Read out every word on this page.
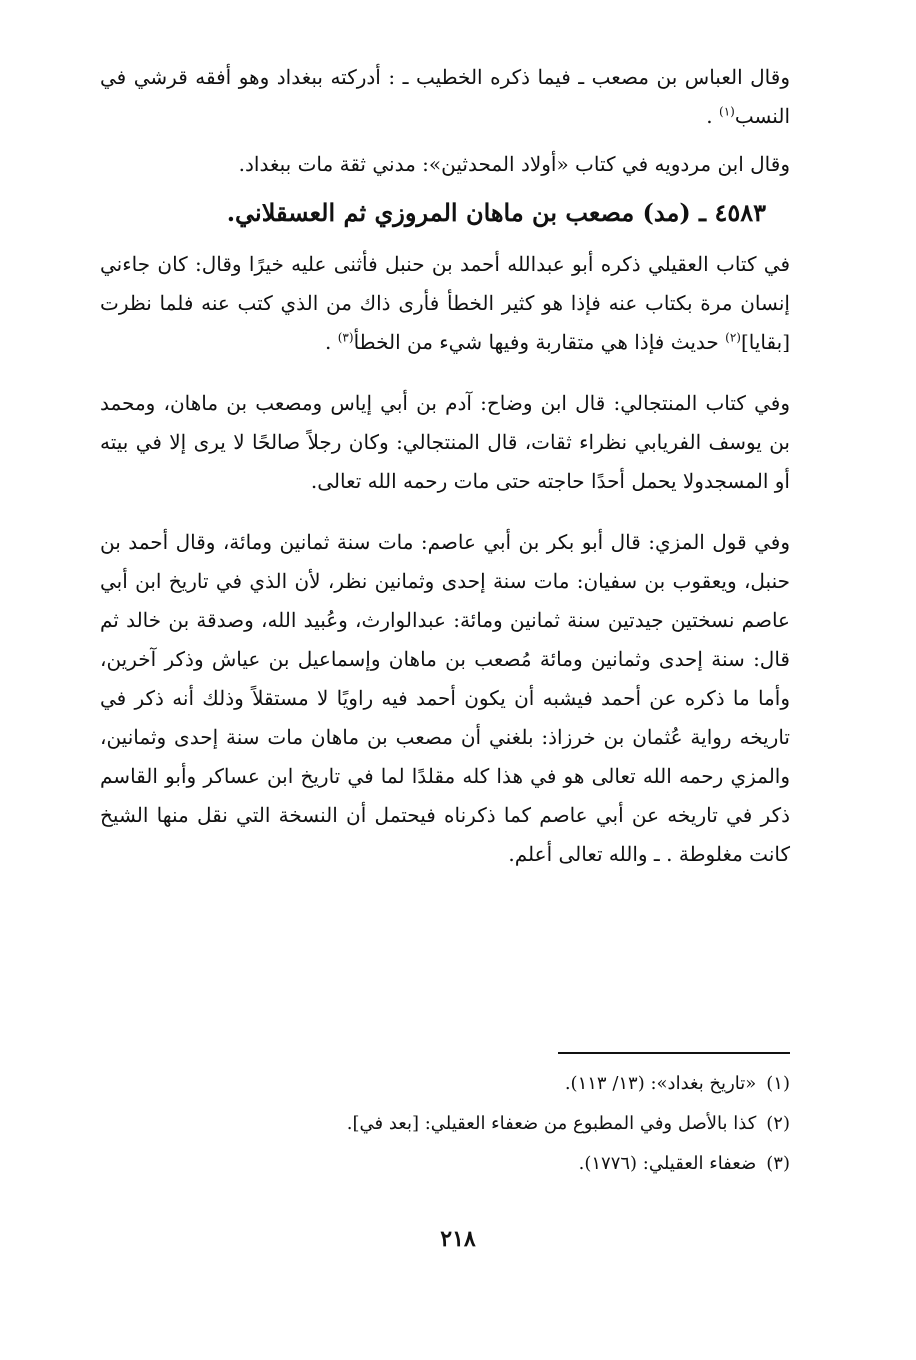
وقال العباس بن مصعب ـ فيما ذكره الخطيب ـ : أدركته ببغداد وهو أفقه قرشي في النسب$^{(١)}$ .

وقال ابن مردويه في كتاب «أولاد المحدثين»: مدني ثقة مات ببغداد.

٤٥٨٣ ـ (مد) مصعب بن ماهان المروزي ثم العسقلاني.

في كتاب العقيلي ذكره أبو عبدالله أحمد بن حنبل فأثنى عليه خيرًا وقال: كان جاءني إنسان مرة بكتاب عنه فإذا هو كثير الخطأ فأرى ذاك من الذي كتب عنه فلما نظرت [بقايا]$^{(٢)}$ حديث فإذا هي متقاربة وفيها شيء من الخطأ$^{(٣)}$ .

وفي كتاب المنتجالي: قال ابن وضاح: آدم بن أبي إياس ومصعب بن ماهان، ومحمد بن يوسف الفريابي نظراء ثقات، قال المنتجالي: وكان رجلاً صالحًا لا يرى إلا في بيته أو المسجدولا يحمل أحدًا حاجته حتى مات رحمه الله تعالى.

وفي قول المزي: قال أبو بكر بن أبي عاصم: مات سنة ثمانين ومائة، وقال أحمد بن حنبل، ويعقوب بن سفيان: مات سنة إحدى وثمانين نظر، لأن الذي في تاريخ ابن أبي عاصم نسختين جيدتين سنة ثمانين ومائة: عبدالوارث، وعُبيد الله، وصدقة بن خالد ثم قال: سنة إحدى وثمانين ومائة مُصعب بن ماهان وإسماعيل بن عياش وذكر آخرين، وأما ما ذكره عن أحمد فيشبه أن يكون أحمد فيه راويًا لا مستقلاً وذلك أنه ذكر في تاريخه رواية عُثمان بن خرزاذ: بلغني أن مصعب بن ماهان مات سنة إحدى وثمانين، والمزي رحمه الله تعالى هو في هذا كله مقلدًا لما في تاريخ ابن عساكر وأبو القاسم ذكر في تاريخه عن أبي عاصم كما ذكرناه فيحتمل أن النسخة التي نقل منها الشيخ كانت مغلوطة . ـ والله تعالى أعلم.

(١)
«تاريخ بغداد»: (١٣/ ١١٣).
(٢)
كذا بالأصل وفي المطبوع من ضعفاء العقيلي: [بعد في].
(٣)
ضعفاء العقيلي: (١٧٧٦).
٢١٨
